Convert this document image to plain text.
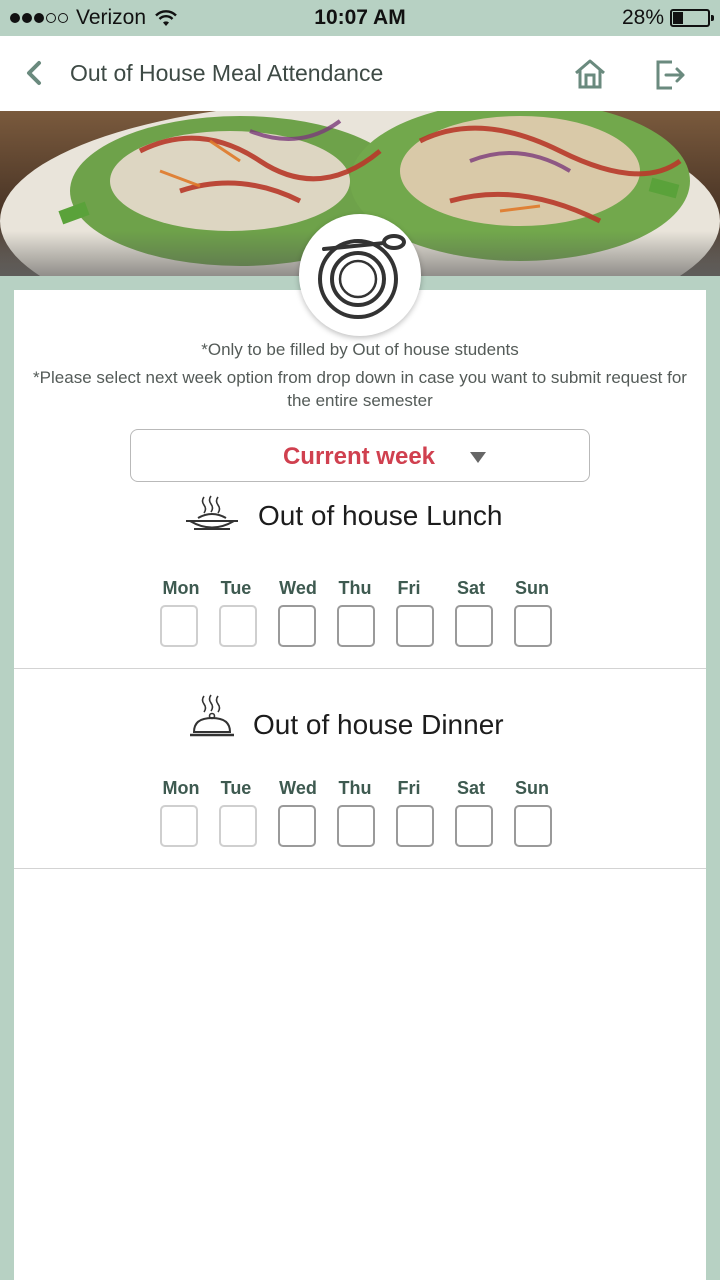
Verizon	10:07 AM	28%
Out of House Meal Attendance
*Only to be filled by Out of house students
*Please select next week option from drop down in case you want to submit request for the entire semester
Current week
Out of house Lunch
Mon	Tue	Wed	Thu	Fri	Sat	Sun
Out of house Dinner
Mon	Tue	Wed	Thu	Fri	Sat	Sun
